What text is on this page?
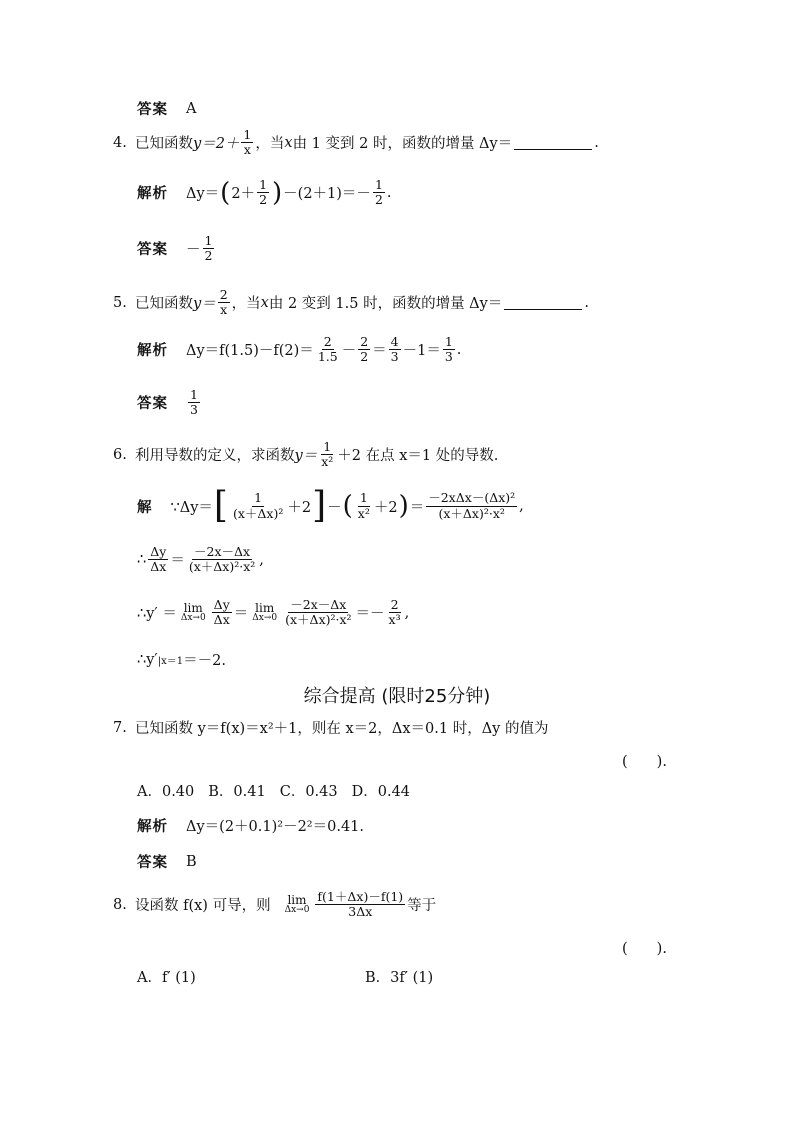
答案 A
4. 已知函数 $y=2+ \frac{1}{x}$ ，当 x 由 1 变到 2 时，函数的增量 Δy＝	.
解析 Δy＝ ( $2+ \frac{1}{2}$ ) $-(2+1)=- \frac{1}{2}$ .
答案 － $\frac{1}{2}$
5. 已知函数 $y= \frac{2}{x}$ ，当 x 由 2 变到 1.5 时，函数的增量 Δy＝	.
解析 $\Delta y=f(1.5)-f(2)= \frac{2}{1.5} - \frac{2}{2} = \frac{4}{3} -1= \frac{1}{3}$ .
答案 $\frac{1}{3}$
6. 利用导数的定义，求函数 $y= \frac{1}{\text{x²}} +2$ 在点 x＝1 处的导数.
解 ∵Δy＝ [ $\frac{1}{\text{(x＋Δx)²}} +2$ ] － ( $\frac{1}{\text{x²}} +2$ ) ＝ $\frac{\text{－2xΔx－(Δx)²}}{\text{(x＋Δx)²·x²}}$ ,
∴ $\frac{\Delta y}{\Delta x} = \frac{-2x-\Delta x}{\text{(x＋Δx)²·x²}}$ ,
∴y′ ＝ lim
$\Delta x\to 0 \frac{\Delta y}{\Delta x} = \lim$
$\Delta x\to 0 \frac{-2x-\Delta x}{\text{(x＋Δx)²·x²}} =- \frac{2}{\text{x³}}$ ,
∴y′ |x＝1 ＝－2.
综合提高 (限时25分钟)
7. 已知函数 y＝f(x)＝x²＋1，则在 x＝2，Δx＝0.1 时，Δy 的值为
(　　).
A．0.40 B．0.41 C．0.43 D．0.44
解析 Δy＝(2＋0.1)²－2²＝0.41.
答案 B
8. 设函数 f(x) 可导，则 lim
$\Delta x\to 0 \frac{f(1+\Delta x)-f(1)}{3\Delta x}$ 等于
(　　).
A．f′ (1)	B．3f′ (1)
